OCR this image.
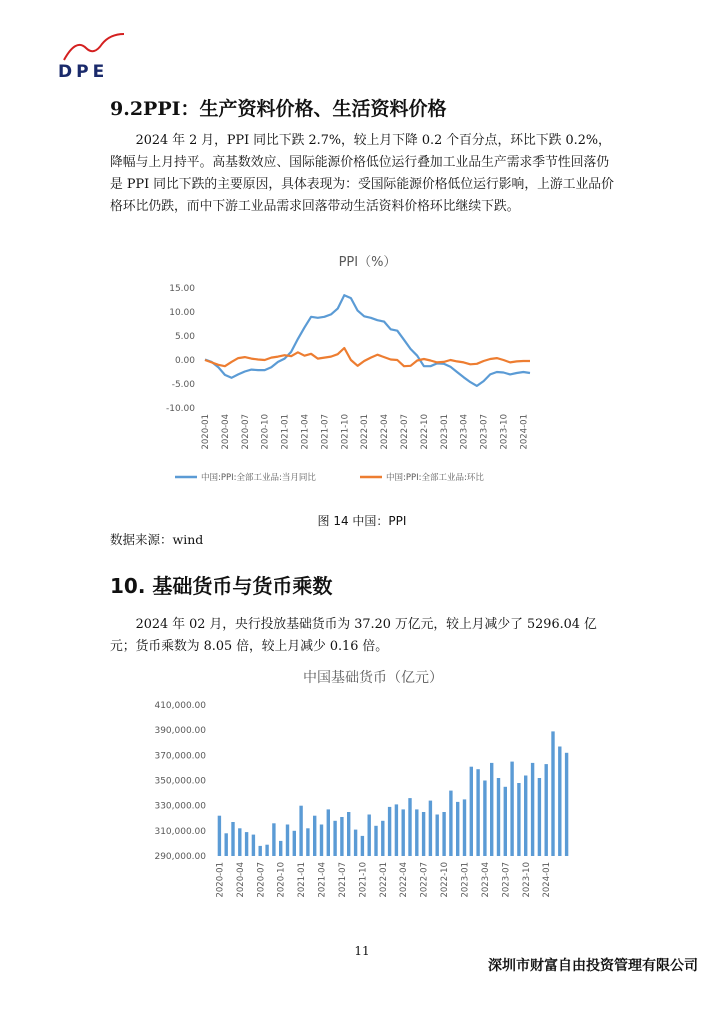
DPE
9.2PPI：生产资料价格、生活资料价格

2024 年 2 月，PPI 同比下跌 2.7%，较上月下降 0.2 个百分点，环比下跌 0.2%，降幅与上月持平。高基数效应、国际能源价格低位运行叠加工业品生产需求季节性回落仍是 PPI 同比下跌的主要原因，具体表现为：受国际能源价格低位运行影响，上游工业品价格环比仍跌，而中下游工业品需求回落带动生活资料价格环比继续下跌。

PPI（%）
15.00
10.00
5.00
0.00
-5.00
-10.00
2020-01 2020-04 2020-07 2020-10 2021-01 2021-04 2021-07 2021-10 2022-01 2022-04 2022-07 2022-10 2023-01 2023-04 2023-07 2023-10 2024-01
中国:PPI:全部工业品:当月同比	中国:PPI:全部工业品:环比
图 14 中国：PPI
数据来源：wind
10. 基础货币与货币乘数

2024 年 02 月，央行投放基础货币为 37.20 万亿元，较上月减少了 5296.04 亿元；货币乘数为 8.05 倍，较上月减少 0.16 倍。

中国基础货币（亿元）
410,000.00
390,000.00
370,000.00
350,000.00
330,000.00
310,000.00
290,000.00
2020-01 2020-04 2020-07 2020-10 2021-01 2021-04 2021-07 2021-10 2022-01 2022-04 2022-07 2022-10 2023-01 2023-04 2023-07 2023-10 2024-01
11
深圳市财富自由投资管理有限公司
